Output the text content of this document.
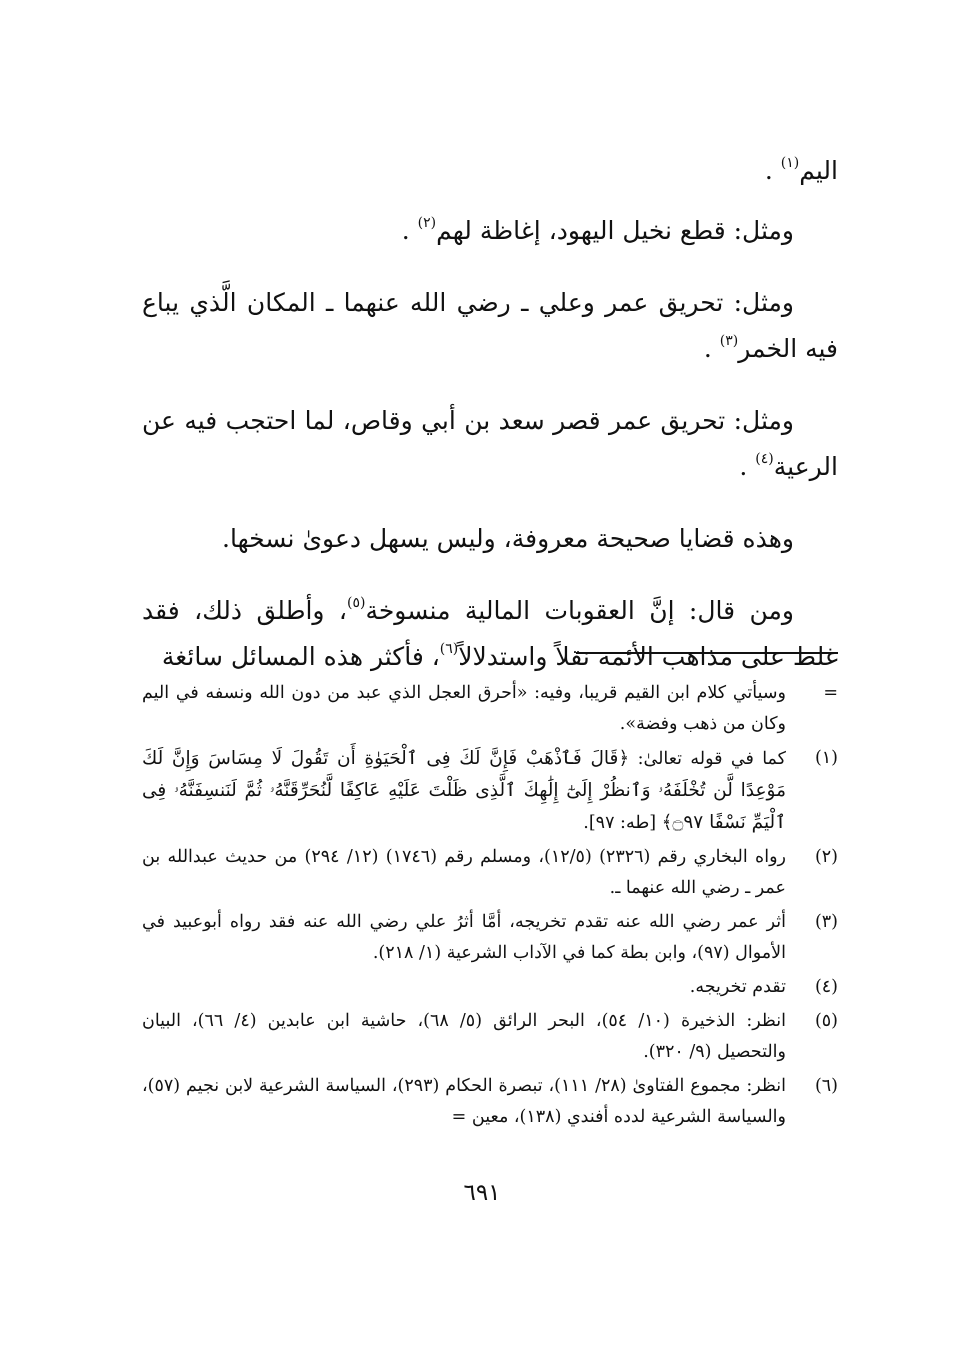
اليم$^{(١)}$ .

ومثل: قطع نخيل اليهود، إغاظة لهم$^{(٢)}$ .

ومثل: تحريق عمر وعلي ـ رضي الله عنهما ـ المكان الَّذي يباع فيه الخمر$^{(٣)}$ .

ومثل: تحريق عمر قصر سعد بن أبي وقاص، لما احتجب فيه عن الرعية$^{(٤)}$ .

وهذه قضايا صحيحة معروفة، وليس يسهل دعوىٰ نسخها.

ومن قال: إنَّ العقوبات المالية منسوخة$^{(٥)}$، وأطلق ذلك، فقد غلط على مذاهب الأئمة نقلاً واستدلالاً$^{(٦)}$، فأكثر هذه المسائل سائغة

=
وسيأتي كلام ابن القيم قريبا، وفيه: «أحرق العجل الذي عبد من دون الله ونسفه في اليم وكان من ذهب وفضة».
(١)
كما في قوله تعالىٰ: ﴿قَالَ فَٱذْهَبْ فَإِنَّ لَكَ فِى ٱلْحَيَوٰةِ أَن تَقُولَ لَا مِسَاسَ وَإِنَّ لَكَ مَوْعِدًا لَّن تُخْلَفَهُۥ وَٱنظُرْ إِلَىٰٓ إِلَٰهِكَ ٱلَّذِى ظَلْتَ عَلَيْهِ عَاكِفًا لَّنُحَرِّقَنَّهُۥ ثُمَّ لَنَنسِفَنَّهُۥ فِى ٱلْيَمِّ نَسْفًا ۝٩٧﴾ [طه: ٩٧].
(٢)
رواه البخاري رقم (٢٣٢٦) (١٢/٥)، ومسلم رقم (١٧٤٦) (١٢/ ٢٩٤) من حديث عبدالله بن عمر ـ رضي الله عنهما ـ.
(٣)
أثر عمر رضي الله عنه تقدم تخريجه، أمَّا أثرُ علي رضي الله عنه فقد رواه أبوعبيد في الأموال (٩٧)، وابن بطة كما في الآداب الشرعية (١/ ٢١٨).
(٤)
تقدم تخريجه.
(٥)
انظر: الذخيرة (١٠/ ٥٤)، البحر الرائق (٥/ ٦٨)، حاشية ابن عابدين (٤/ ٦٦)، البيان والتحصيل (٩/ ٣٢٠).
(٦)
انظر: مجموع الفتاوىٰ (٢٨/ ١١١)، تبصرة الحكام (٢٩٣)، السياسة الشرعية لابن نجيم (٥٧)، والسياسة الشرعية لدده أفندي (١٣٨)، معين =
٦٩١
